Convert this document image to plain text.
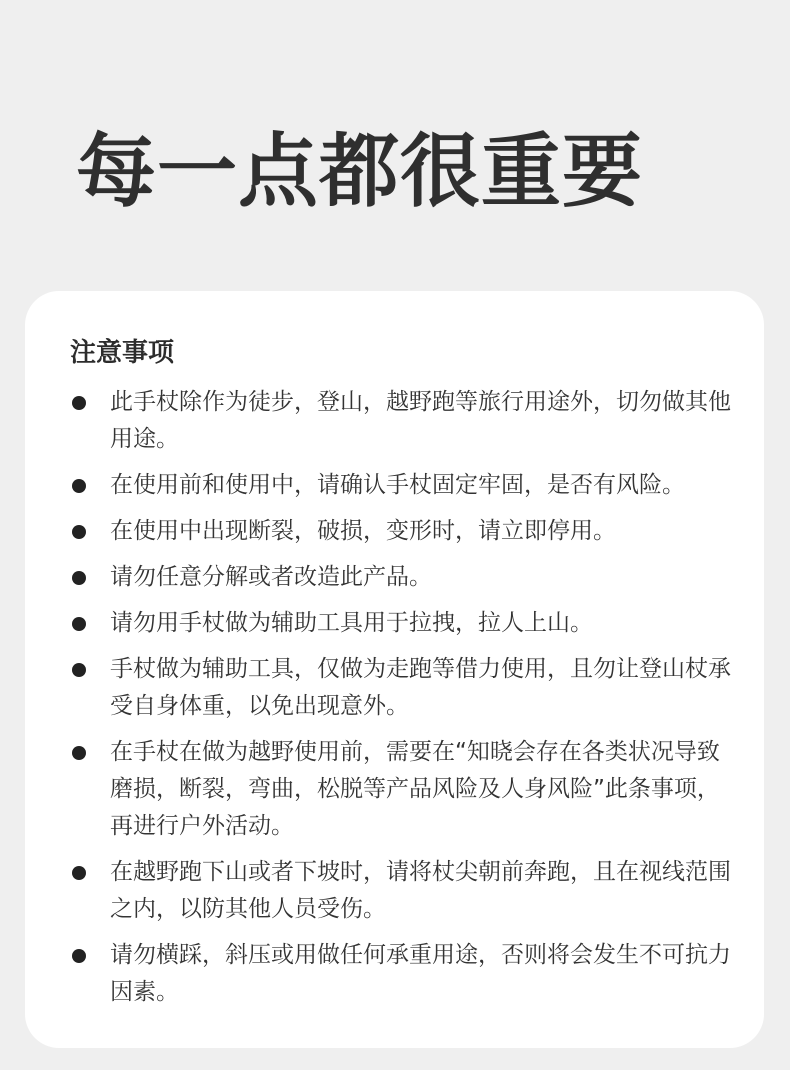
每一点都很重要
注意事项
此手杖除作为徒步，登山，越野跑等旅行用途外，切勿做其他用途。
在使用前和使用中，请确认手杖固定牢固，是否有风险。
在使用中出现断裂，破损，变形时，请立即停用。
请勿任意分解或者改造此产品。
请勿用手杖做为辅助工具用于拉拽，拉人上山。
手杖做为辅助工具，仅做为走跑等借力使用，且勿让登山杖承受自身体重，以免出现意外。
在手杖在做为越野使用前，需要在“知晓会存在各类状况导致磨损，断裂，弯曲，松脱等产品风险及人身风险”此条事项，再进行户外活动。
在越野跑下山或者下坡时，请将杖尖朝前奔跑，且在视线范围之内，以防其他人员受伤。
请勿横踩，斜压或用做任何承重用途，否则将会发生不可抗力因素。
